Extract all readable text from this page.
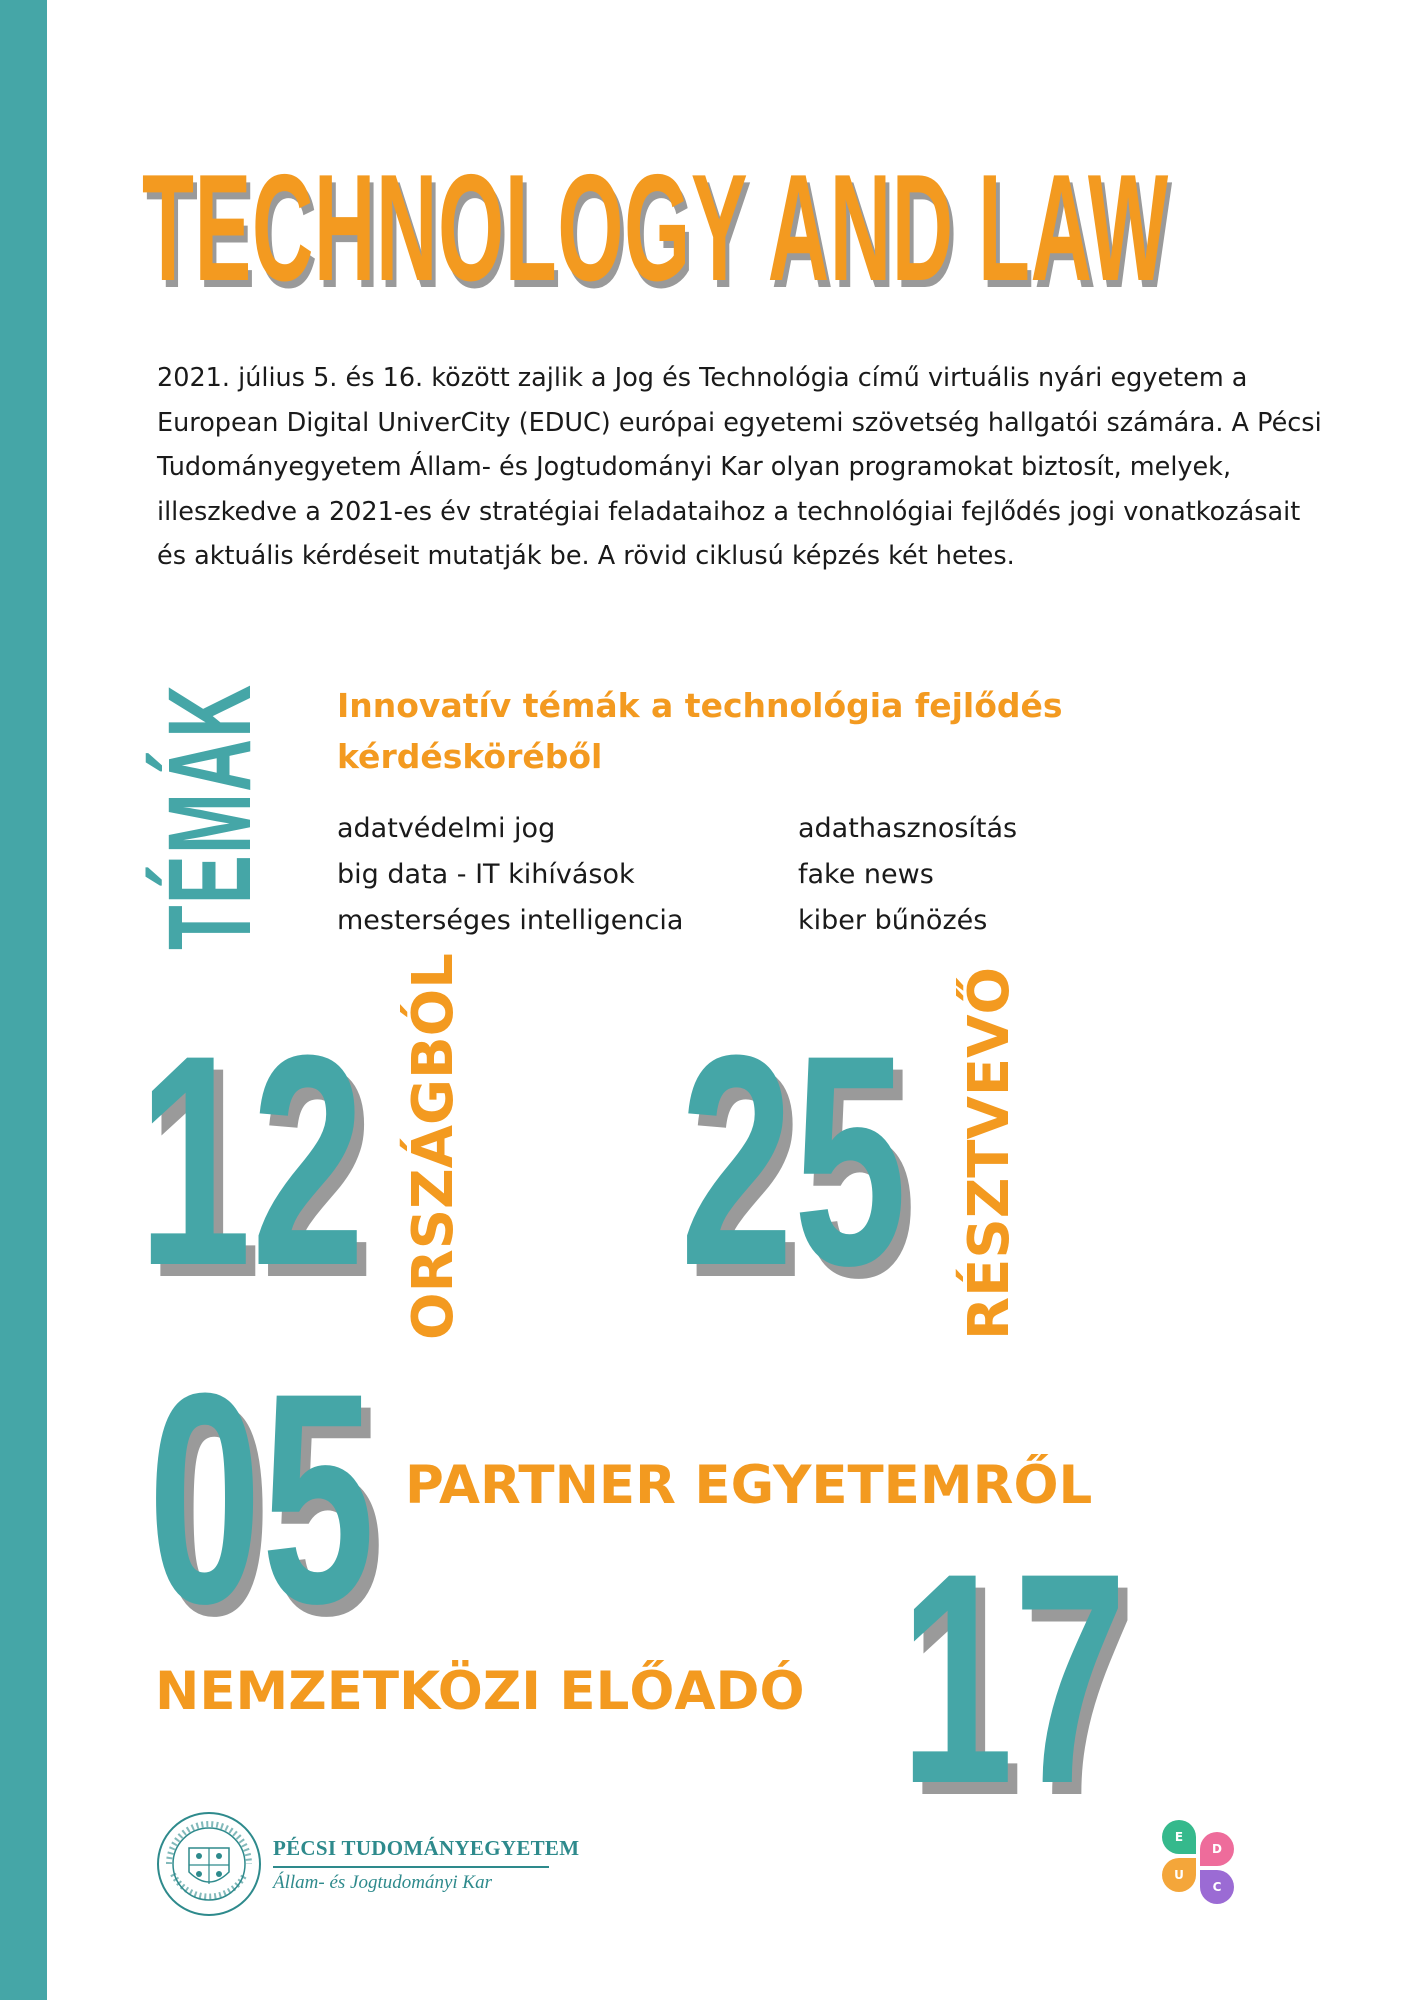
TECHNOLOGY AND LAW
2021. július 5. és 16. között zajlik a Jog és Technológia című virtuális nyári egyetem a European Digital UniverCity (EDUC) európai egyetemi szövetség hallgatói számára. A Pécsi Tudományegyetem Állam- és Jogtudományi Kar olyan programokat biztosít, melyek, illeszkedve a 2021-es év stratégiai feladataihoz a technológiai fejlődés jogi vonatkozásait és aktuális kérdéseit mutatják be. A rövid ciklusú képzés két hetes.
TÉMÁK Innovatív témák a technológia fejlődés kérdésköréből
adatvédelmi jog
big data - IT kihívások
mesterséges intelligencia
adathasznosítás
fake news
kiber bűnözés
12 ORSZÁGBÓL 25 RÉSZTVEVŐ
05 PARTNER EGYETEMRŐL
NEMZETKÖZI ELŐADÓ 17
PÉCSI TUDOMÁNYEGYETEM
Állam- és Jogtudományi Kar
E
D
U
C
